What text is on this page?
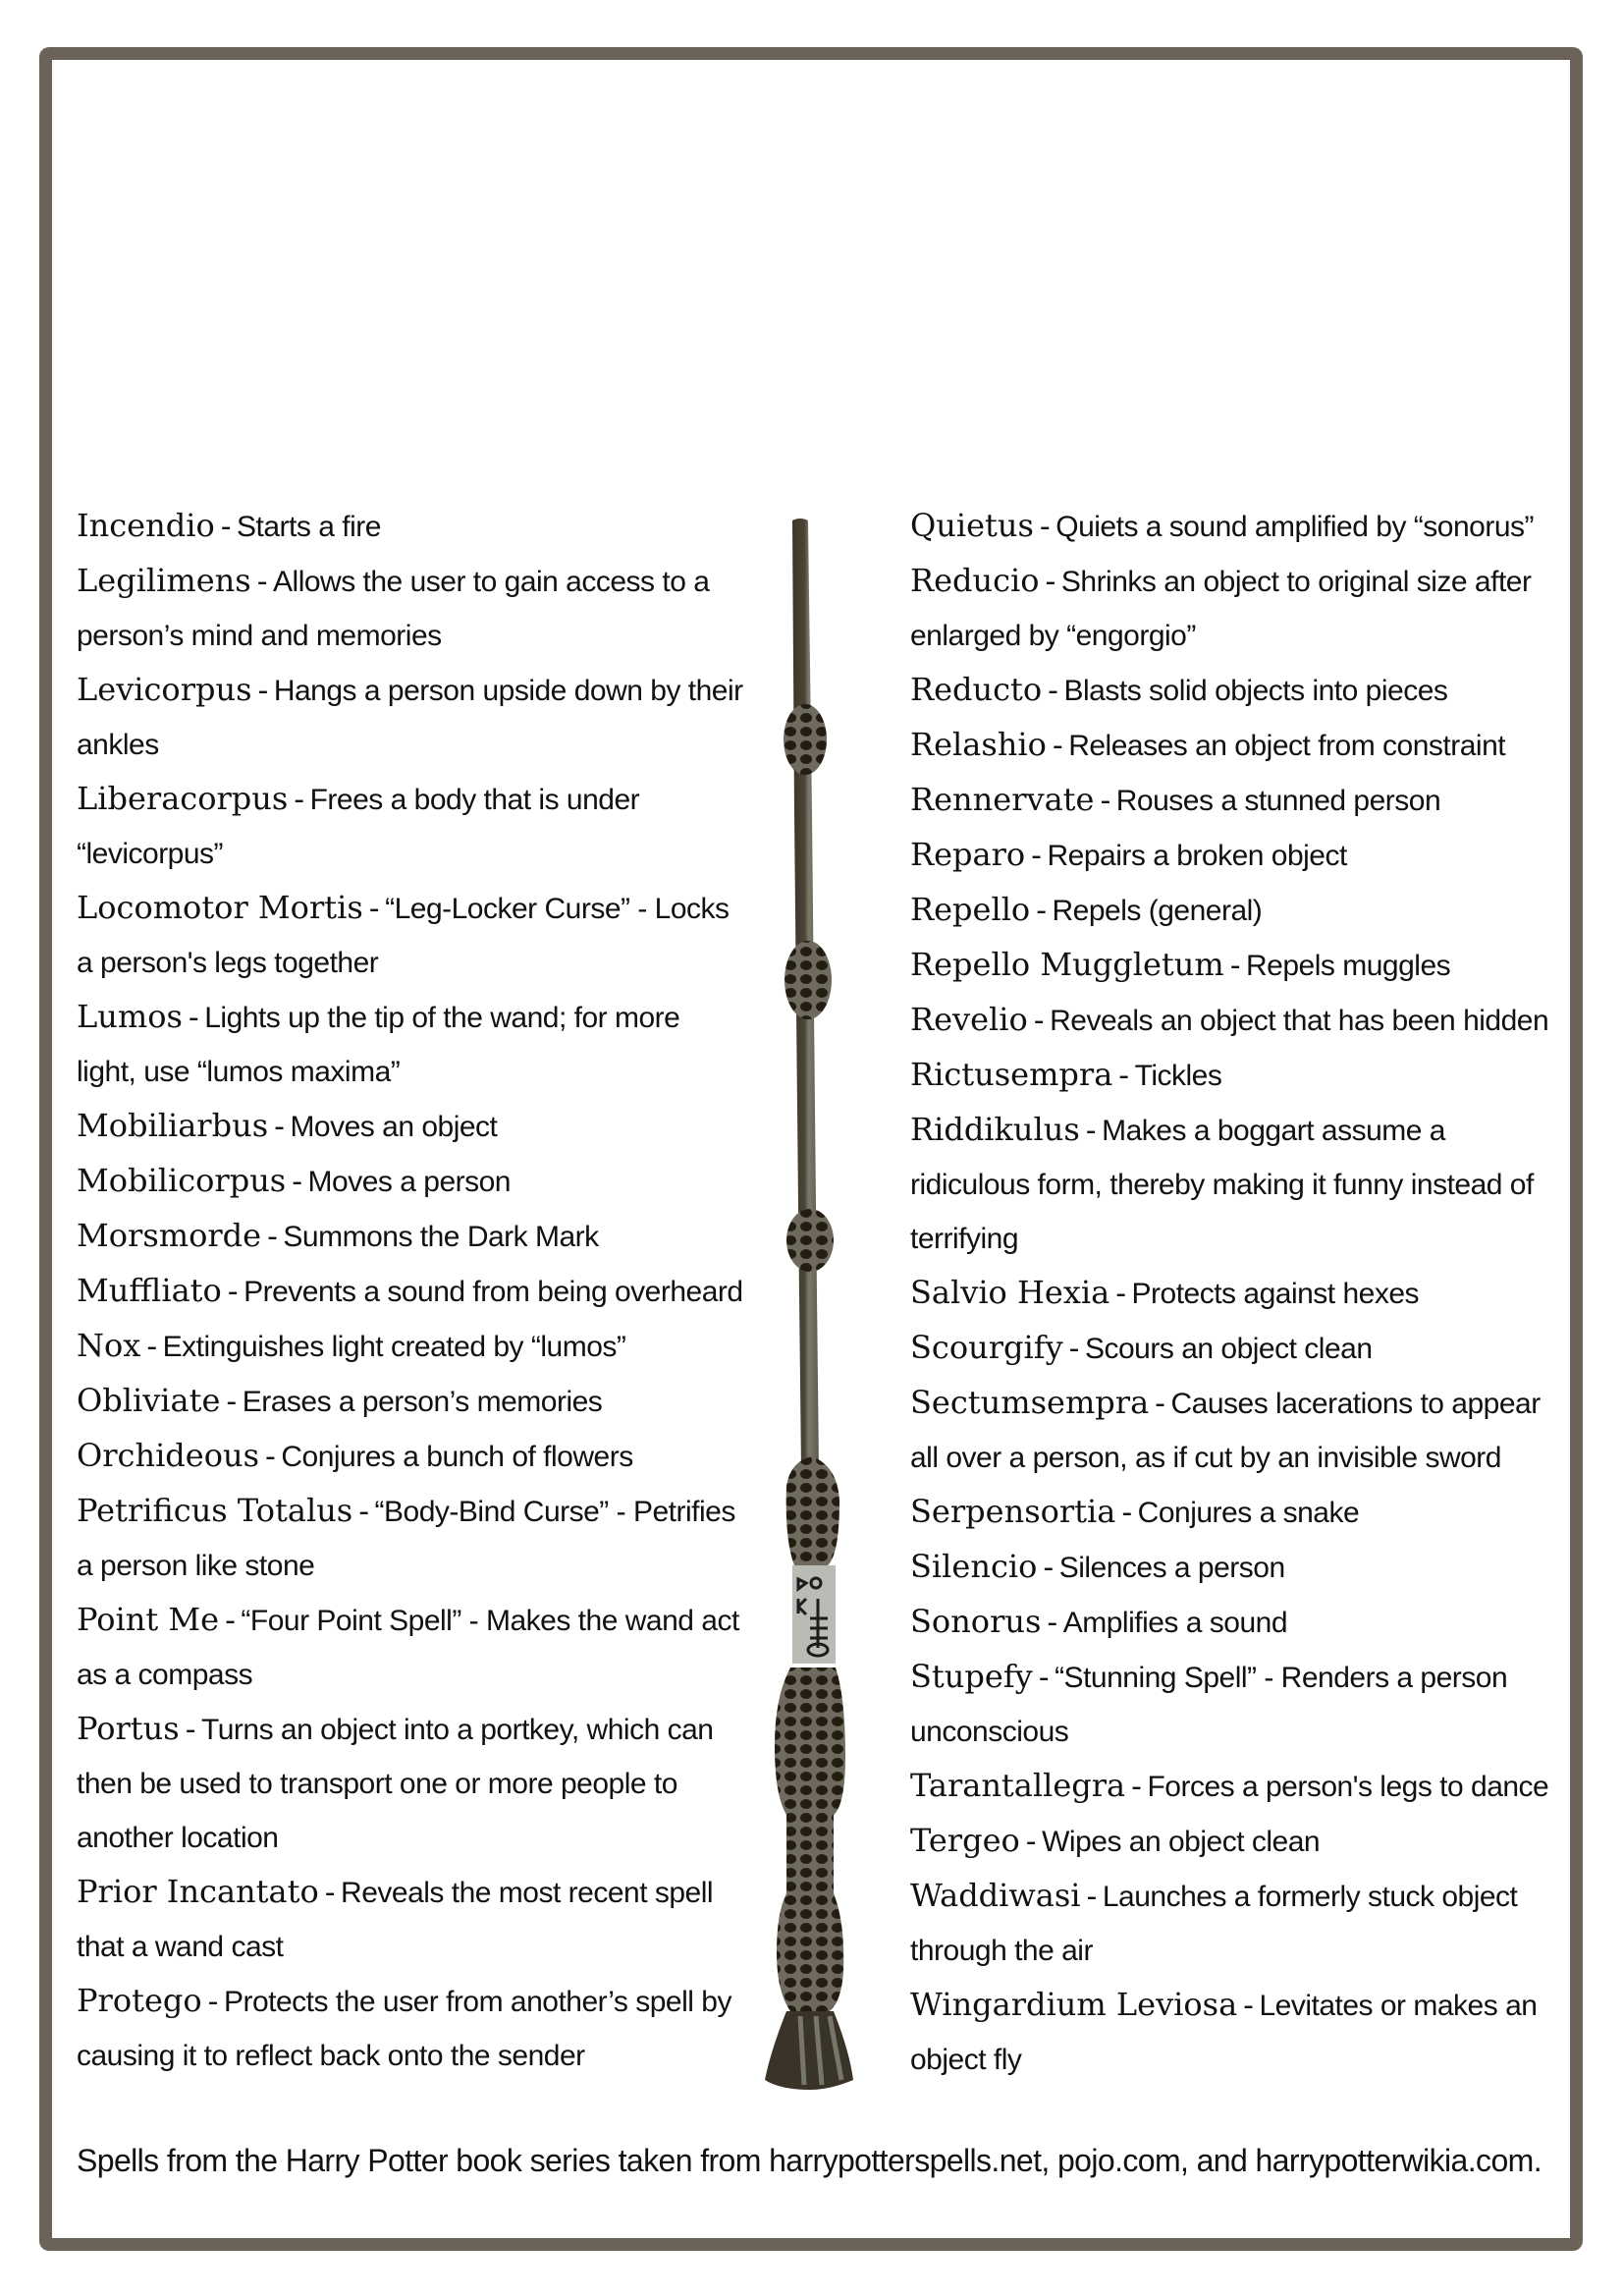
Incendio - Starts a fire

Legilimens - Allows the user to gain access to a person’s mind and memories

Levicorpus - Hangs a person upside down by their ankles

Liberacorpus - Frees a body that is under “levicorpus”

Locomotor Mortis - “Leg-Locker Curse” - Locks a person's legs together

Lumos - Lights up the tip of the wand; for more light, use “lumos maxima”

Mobiliarbus - Moves an object

Mobilicorpus - Moves a person

Morsmorde - Summons the Dark Mark

Muffliato - Prevents a sound from being overheard

Nox - Extinguishes light created by “lumos”

Obliviate - Erases a person’s memories

Orchideous - Conjures a bunch of flowers

Petrificus Totalus - “Body-Bind Curse” - Petrifies a person like stone

Point Me - “Four Point Spell” - Makes the wand act as a compass

Portus - Turns an object into a portkey, which can then be used to transport one or more people to another location

Prior Incantato - Reveals the most recent spell that a wand cast

Protego - Protects the user from another’s spell by causing it to reflect back onto the sender

Quietus - Quiets a sound amplified by “sonorus”

Reducio - Shrinks an object to original size after enlarged by “engorgio”

Reducto - Blasts solid objects into pieces

Relashio - Releases an object from constraint

Rennervate - Rouses a stunned person

Reparo - Repairs a broken object

Repello - Repels (general)

Repello Muggletum - Repels muggles

Revelio - Reveals an object that has been hidden

Rictusempra - Tickles

Riddikulus - Makes a boggart assume a ridiculous form, thereby making it funny instead of terrifying

Salvio Hexia - Protects against hexes

Scourgify - Scours an object clean

Sectumsempra - Causes lacerations to appear all over a person, as if cut by an invisible sword

Serpensortia - Conjures a snake

Silencio - Silences a person

Sonorus - Amplifies a sound

Stupefy - “Stunning Spell” - Renders a person unconscious

Tarantallegra - Forces a person's legs to dance

Tergeo - Wipes an object clean

Waddiwasi - Launches a formerly stuck object through the air

Wingardium Leviosa - Levitates or makes an object fly

Spells from the Harry Potter book series taken from harrypotterspells.net, pojo.com, and harrypotterwikia.com.
